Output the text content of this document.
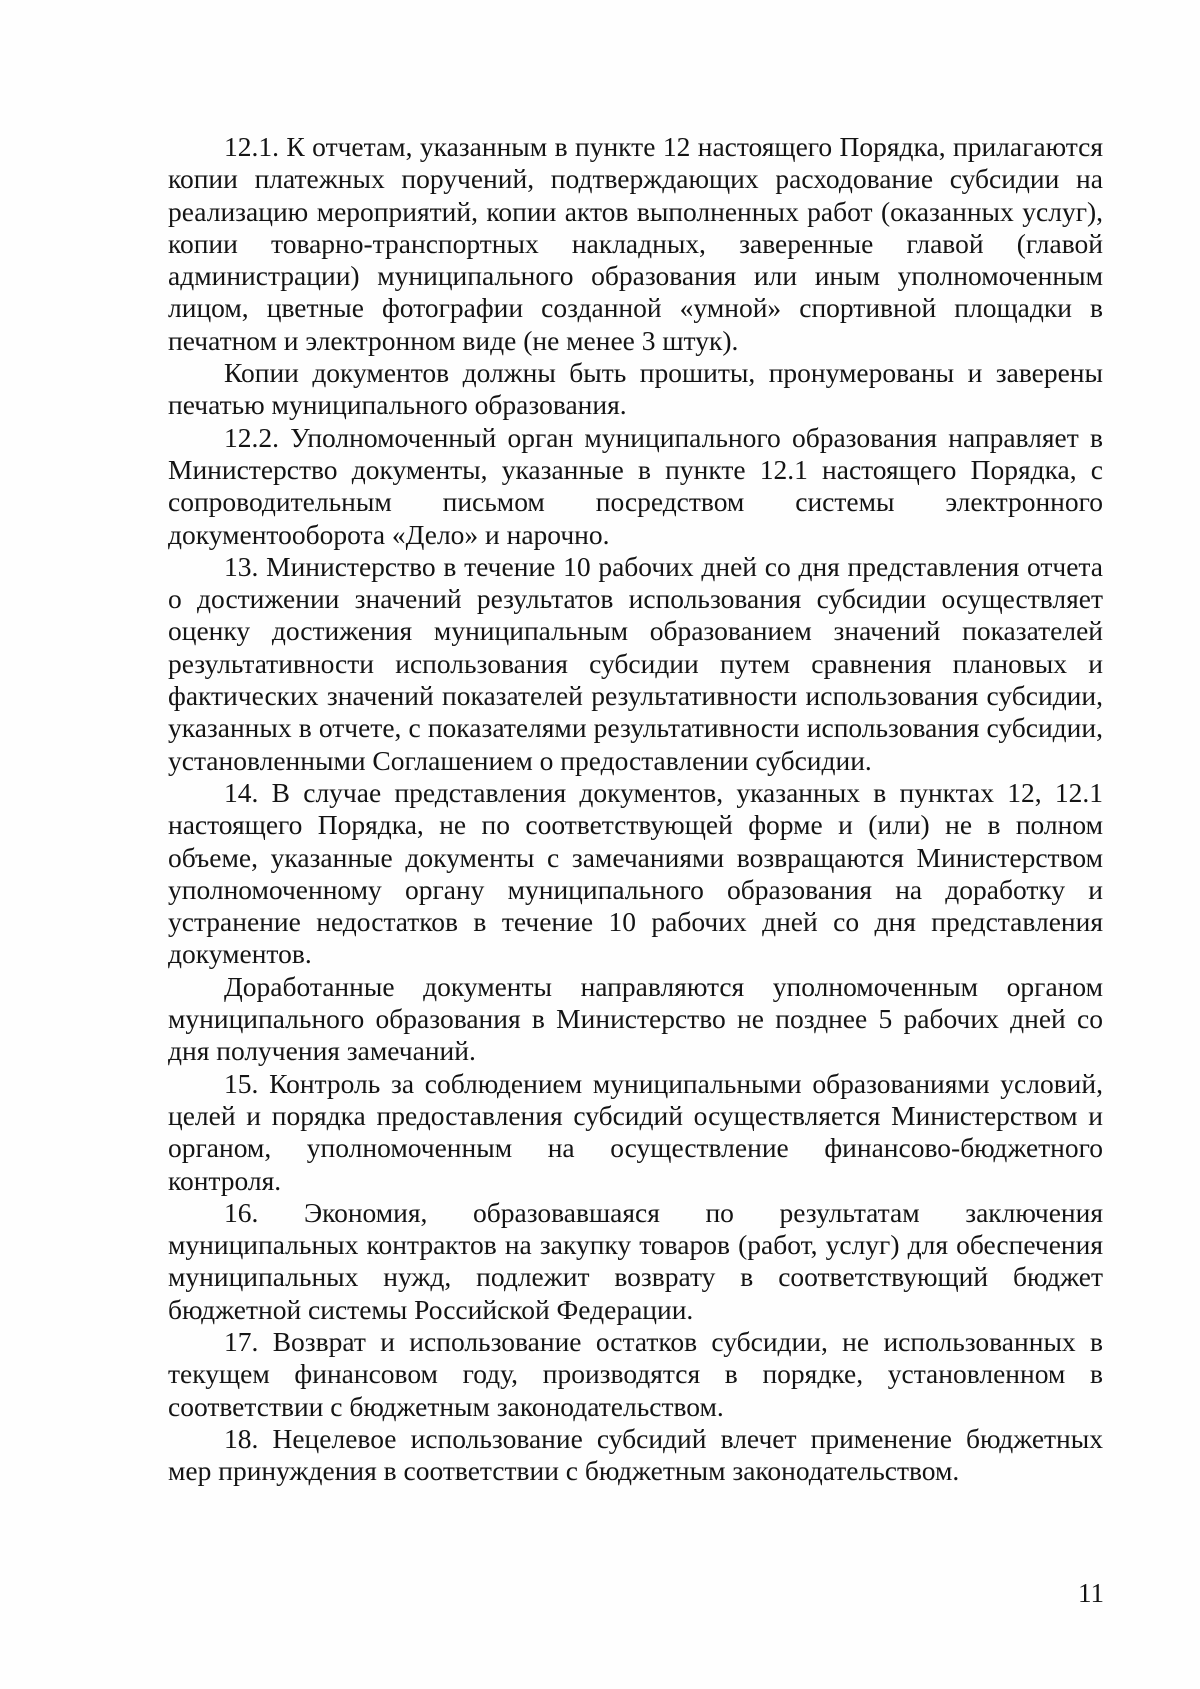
12.1. К отчетам, указанным в пункте 12 настоящего Порядка, прилагаются копии платежных поручений, подтверждающих расходование субсидии на реализацию мероприятий, копии актов выполненных работ (оказанных услуг), копии товарно-транспортных накладных, заверенные главой (главой администрации) муниципального образования или иным уполномоченным лицом, цветные фотографии созданной «умной» спортивной площадки в печатном и электронном виде (не менее 3 штук).

Копии документов должны быть прошиты, пронумерованы и заверены печатью муниципального образования.

12.2. Уполномоченный орган муниципального образования направляет в Министерство документы, указанные в пункте 12.1 настоящего Порядка, с сопроводительным письмом посредством системы электронного документооборота «Дело» и нарочно.

13. Министерство в течение 10 рабочих дней со дня представления отчета о достижении значений результатов использования субсидии осуществляет оценку достижения муниципальным образованием значений показателей результативности использования субсидии путем сравнения плановых и фактических значений показателей результативности использования субсидии, указанных в отчете, с показателями результативности использования субсидии, установленными Соглашением о предоставлении субсидии.

14. В случае представления документов, указанных в пунктах 12, 12.1 настоящего Порядка, не по соответствующей форме и (или) не в полном объеме, указанные документы с замечаниями возвращаются Министерством уполномоченному органу муниципального образования на доработку и устранение недостатков в течение 10 рабочих дней со дня представления документов.

Доработанные документы направляются уполномоченным органом муниципального образования в Министерство не позднее 5 рабочих дней со дня получения замечаний.

15. Контроль за соблюдением муниципальными образованиями условий, целей и порядка предоставления субсидий осуществляется Министерством и органом, уполномоченным на осуществление финансово-бюджетного контроля.

16. Экономия, образовавшаяся по результатам заключения муниципальных контрактов на закупку товаров (работ, услуг) для обеспечения муниципальных нужд, подлежит возврату в соответствующий бюджет бюджетной системы Российской Федерации.

17. Возврат и использование остатков субсидии, не использованных в текущем финансовом году, производятся в порядке, установленном в соответствии с бюджетным законодательством.

18. Нецелевое использование субсидий влечет применение бюджетных мер принуждения в соответствии с бюджетным законодательством.

11
